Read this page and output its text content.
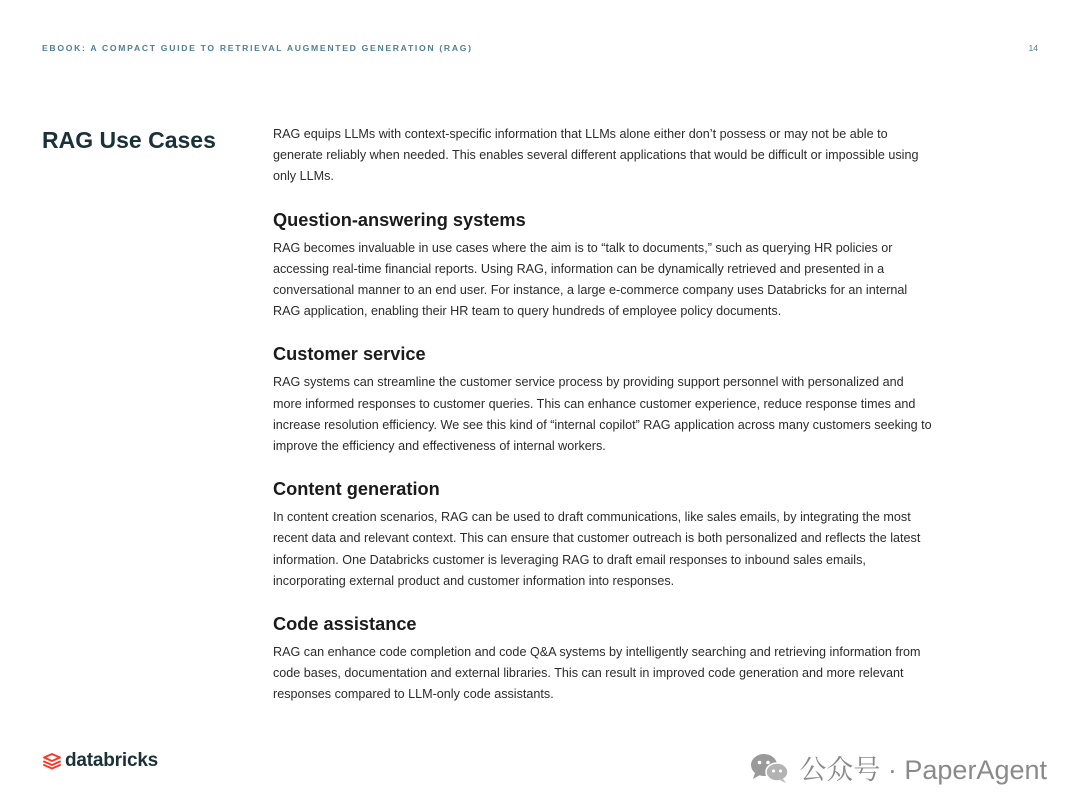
EBOOK: A COMPACT GUIDE TO RETRIEVAL AUGMENTED GENERATION (RAG)	14
RAG Use Cases	RAG equips LLMs with context-specific information that LLMs alone either don’t possess or may not be able to generate reliably when needed. This enables several different applications that would be difficult or impossible using only LLMs.

Question-answering systems

RAG becomes invaluable in use cases where the aim is to “talk to documents,” such as querying HR policies or accessing real-time financial reports. Using RAG, information can be dynamically retrieved and presented in a conversational manner to an end user. For instance, a large e-commerce company uses Databricks for an internal RAG application, enabling their HR team to query hundreds of employee policy documents.

Customer service

RAG systems can streamline the customer service process by providing support personnel with personalized and more informed responses to customer queries. This can enhance customer experience, reduce response times and increase resolution efficiency. We see this kind of “internal copilot” RAG application across many customers seeking to improve the efficiency and effectiveness of internal workers.

Content generation

In content creation scenarios, RAG can be used to draft communications, like sales emails, by integrating the most recent data and relevant context. This can ensure that customer outreach is both personalized and reflects the latest information. One Databricks customer is leveraging RAG to draft email responses to inbound sales emails, incorporating external product and customer information into responses.

Code assistance

RAG can enhance code completion and code Q&A systems by intelligently searching and retrieving information from code bases, documentation and external libraries. This can result in improved code generation and more relevant responses compared to LLM-only code assistants.

databricks	公众号 · PaperAgent
